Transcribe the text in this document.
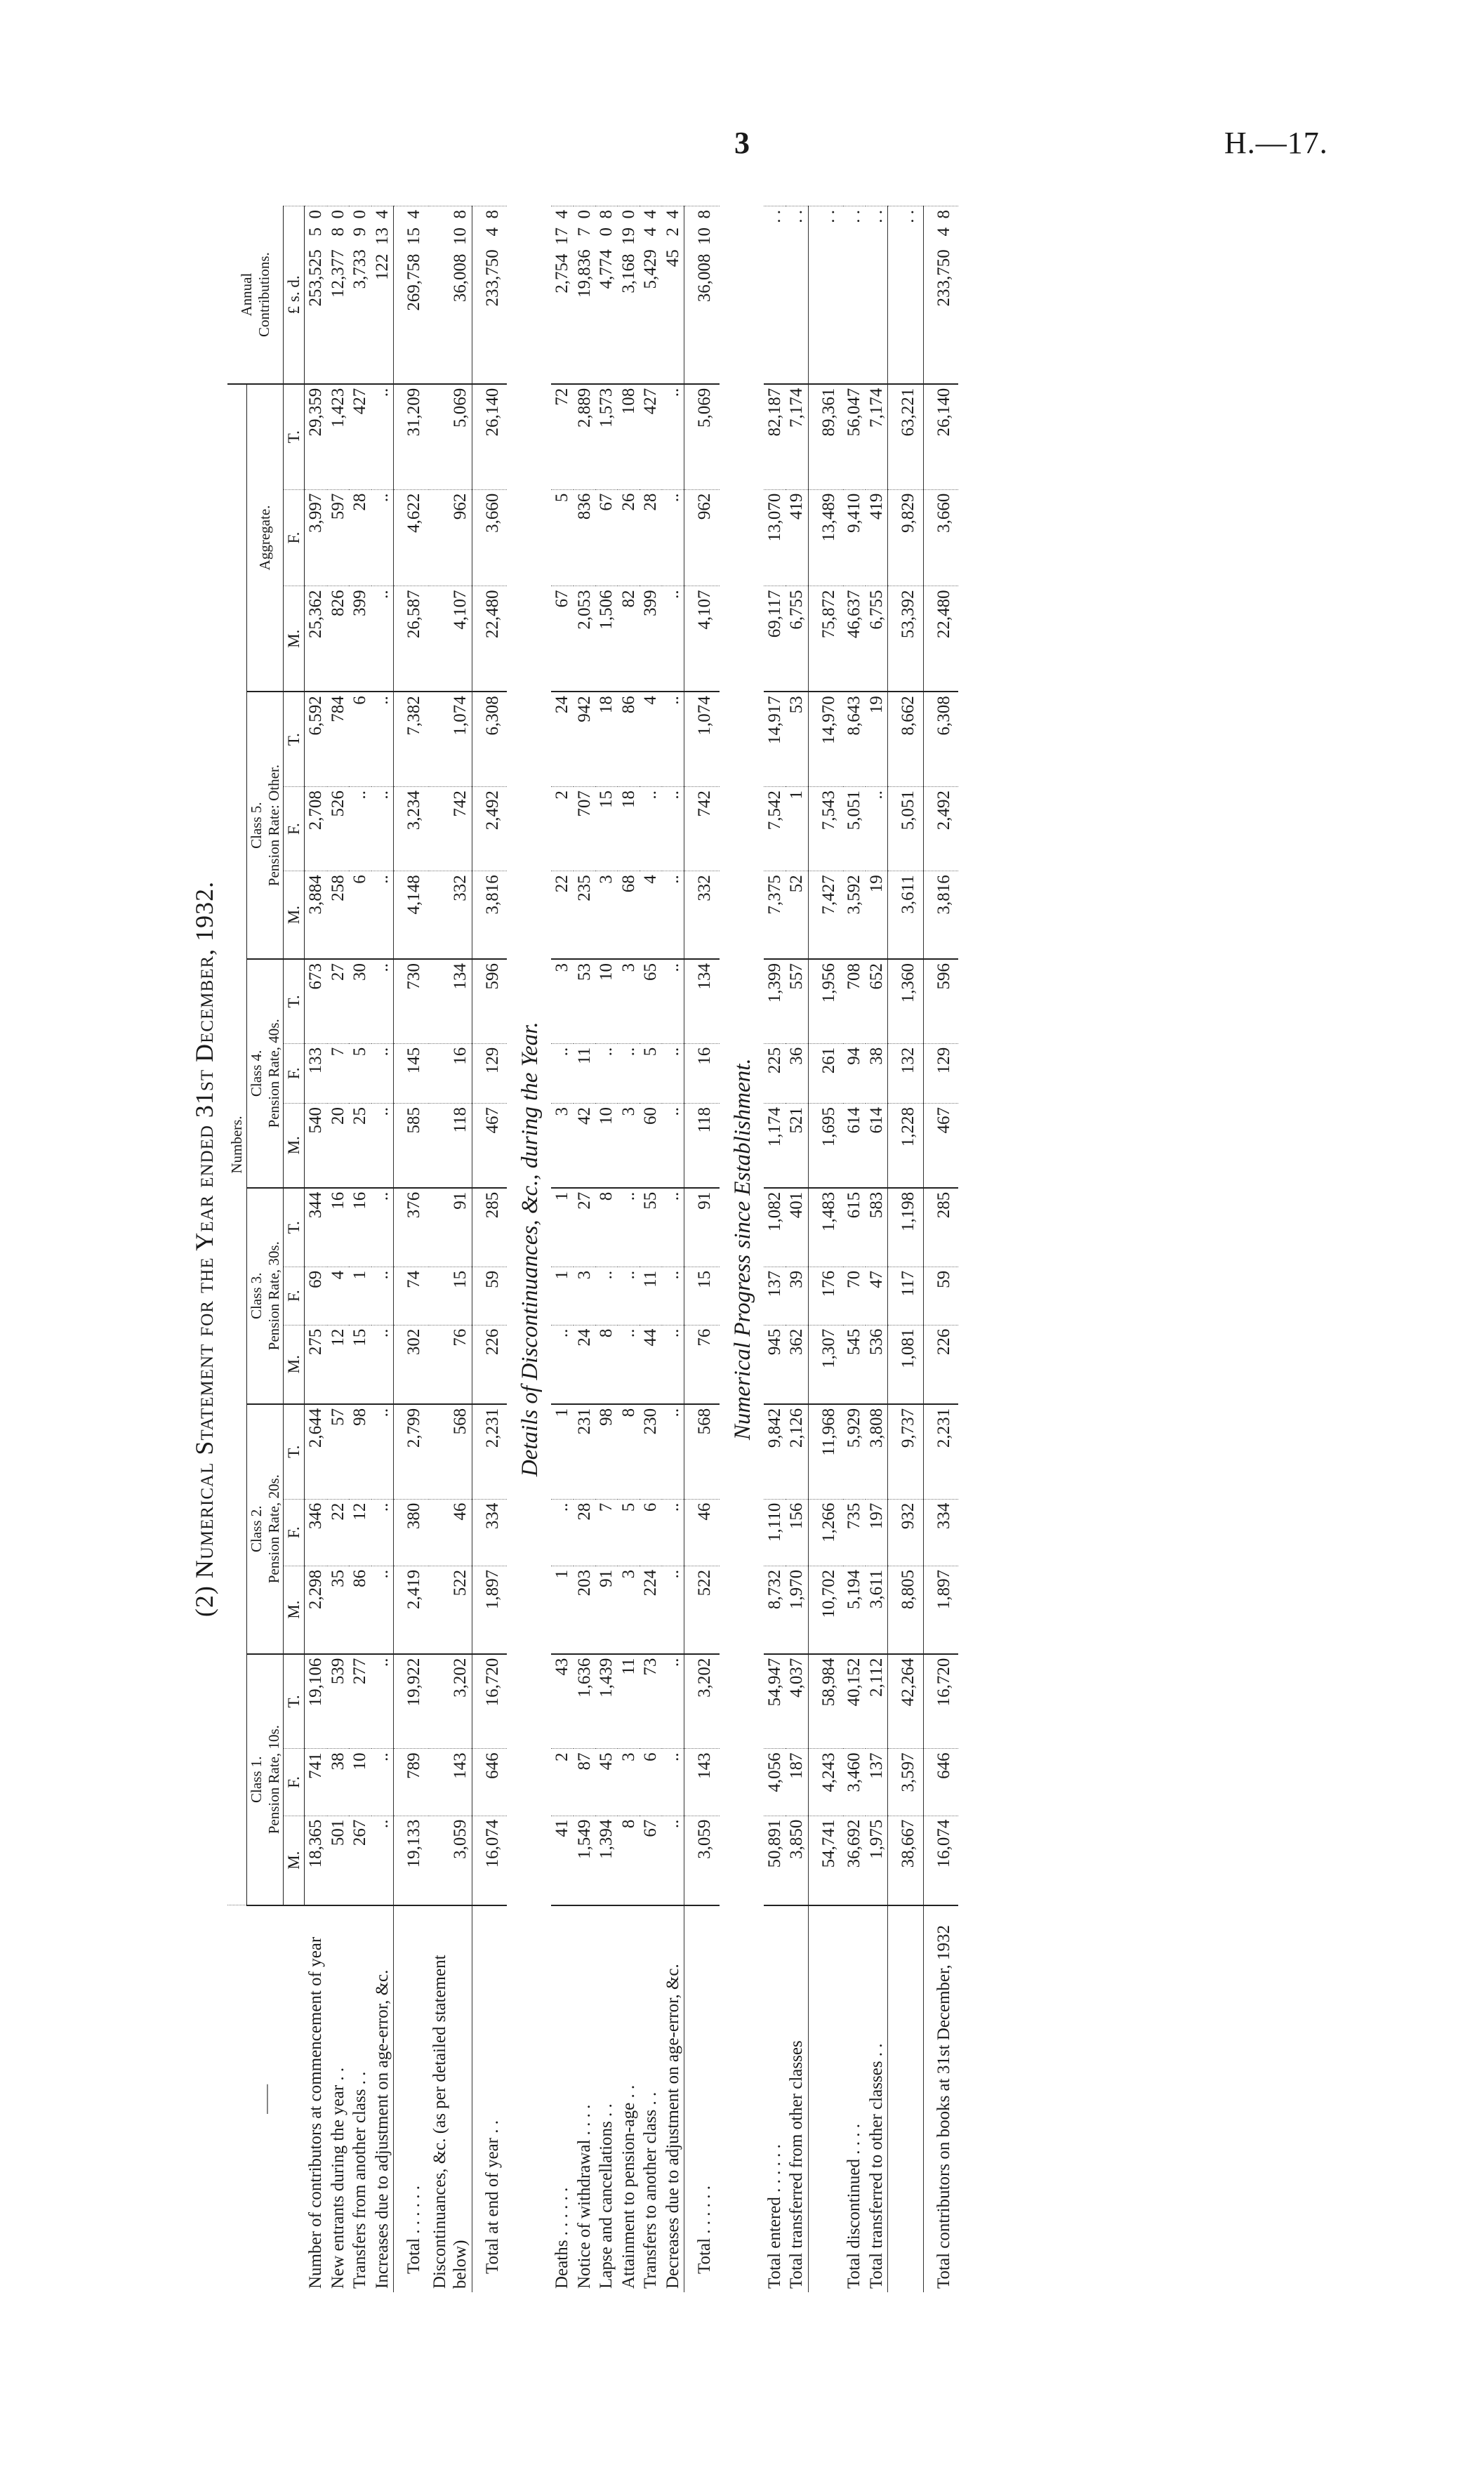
3	H.—17.
(2) Numerical Statement for the Year ended 31st December, 1932.
——	Numbers.																		Annual
Contributions.
	Class 1.
Pension Rate, 10s.			Class 2.
Pension Rate, 20s.			Class 3.
Pension Rate, 30s.			Class 4.
Pension Rate, 40s.			Class 5.
Pension Rate: Other.			Aggregate.			
	M.	F.	T.	M.	F.	T.	M.	F.	T.	M.	F.	T.	M.	F.	T.	M.	F.	T.	£ s. d.
Number of contributors at commencement of year	18,365	741	19,106	2,298	346	2,644	275	69	344	540	133	673	3,884	2,708	6,592	25,362	3,997	29,359	253,525   5  0
New entrants during the year . .	501	38	539	35	22	57	12	4	16	20	7	27	258	526	784	826	597	1,423	12,377   8  0
Transfers from another class . .	267	10	277	86	12	98	15	1	16	25	5	30	6	..	6	399	28	427	3,733   9  0
Increases due to adjustment on age-error, &c.	..	..	..	..	..	..	..	..	..	..	..	..	..	..	..	..	..	..	122  13  4
Total . . . . . .	19,133	789	19,922	2,419	380	2,799	302	74	376	585	145	730	4,148	3,234	7,382	26,587	4,622	31,209	269,758  15  4
Discontinuances, &c. (as per detailed statement below)	3,059	143	3,202	522	46	568	76	15	91	118	16	134	332	742	1,074	4,107	962	5,069	36,008  10  8
Total at end of year . .	16,074	646	16,720	1,897	334	2,231	226	59	285	467	129	596	3,816	2,492	6,308	22,480	3,660	26,140	233,750   4  8
Details of Discontinuances, &c., during the Year.																			
Deaths . . . . . .	41	2	43	1	..	1	..	1	1	3	..	3	22	2	24	67	5	72	2,754  17  4
Notice of withdrawal . . . .	1,549	87	1,636	203	28	231	24	3	27	42	11	53	235	707	942	2,053	836	2,889	19,836   7  0
Lapse and cancellations . .	1,394	45	1,439	91	7	98	8	..	8	10	..	10	3	15	18	1,506	67	1,573	4,774   0  8
Attainment to pension-age . .	8	3	11	3	5	8	..	..	..	3	..	3	68	18	86	82	26	108	3,168  19  0
Transfers to another class . .	67	6	73	224	6	230	44	11	55	60	5	65	4	..	4	399	28	427	5,429   4  4
Decreases due to adjustment on age-error, &c.	..	..	..	..	..	..	..	..	..	..	..	..	..	..	..	..	..	..	45   2  4
Total . . . . . .	3,059	143	3,202	522	46	568	76	15	91	118	16	134	332	742	1,074	4,107	962	5,069	36,008  10  8
Numerical Progress since Establishment.																			
Total entered . . . . . .	50,891	4,056	54,947	8,732	1,110	9,842	945	137	1,082	1,174	225	1,399	7,375	7,542	14,917	69,117	13,070	82,187	. .
Total transferred from other classes	3,850	187	4,037	1,970	156	2,126	362	39	401	521	36	557	52	1	53	6,755	419	7,174	. .
	54,741	4,243	58,984	10,702	1,266	11,968	1,307	176	1,483	1,695	261	1,956	7,427	7,543	14,970	75,872	13,489	89,361	. .
Total discontinued . . . .	36,692	3,460	40,152	5,194	735	5,929	545	70	615	614	94	708	3,592	5,051	8,643	46,637	9,410	56,047	. .
Total transferred to other classes . .	1,975	137	2,112	3,611	197	3,808	536	47	583	614	38	652	19	..	19	6,755	419	7,174	. .
	38,667	3,597	42,264	8,805	932	9,737	1,081	117	1,198	1,228	132	1,360	3,611	5,051	8,662	53,392	9,829	63,221	. .
Total contributors on books at 31st December, 1932	16,074	646	16,720	1,897	334	2,231	226	59	285	467	129	596	3,816	2,492	6,308	22,480	3,660	26,140	233,750   4  8
